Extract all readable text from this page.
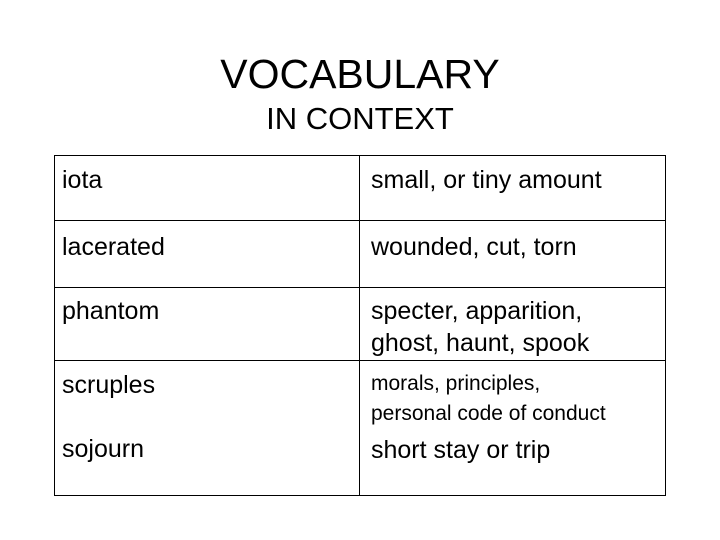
VOCABULARY
IN CONTEXT
iota	small, or tiny amount

lacerated	wounded, cut, torn

phantom	specter, apparition,
ghost, haunt, spook

scruples	morals, principles,
personal code of conduct

sojourn	short stay or trip
